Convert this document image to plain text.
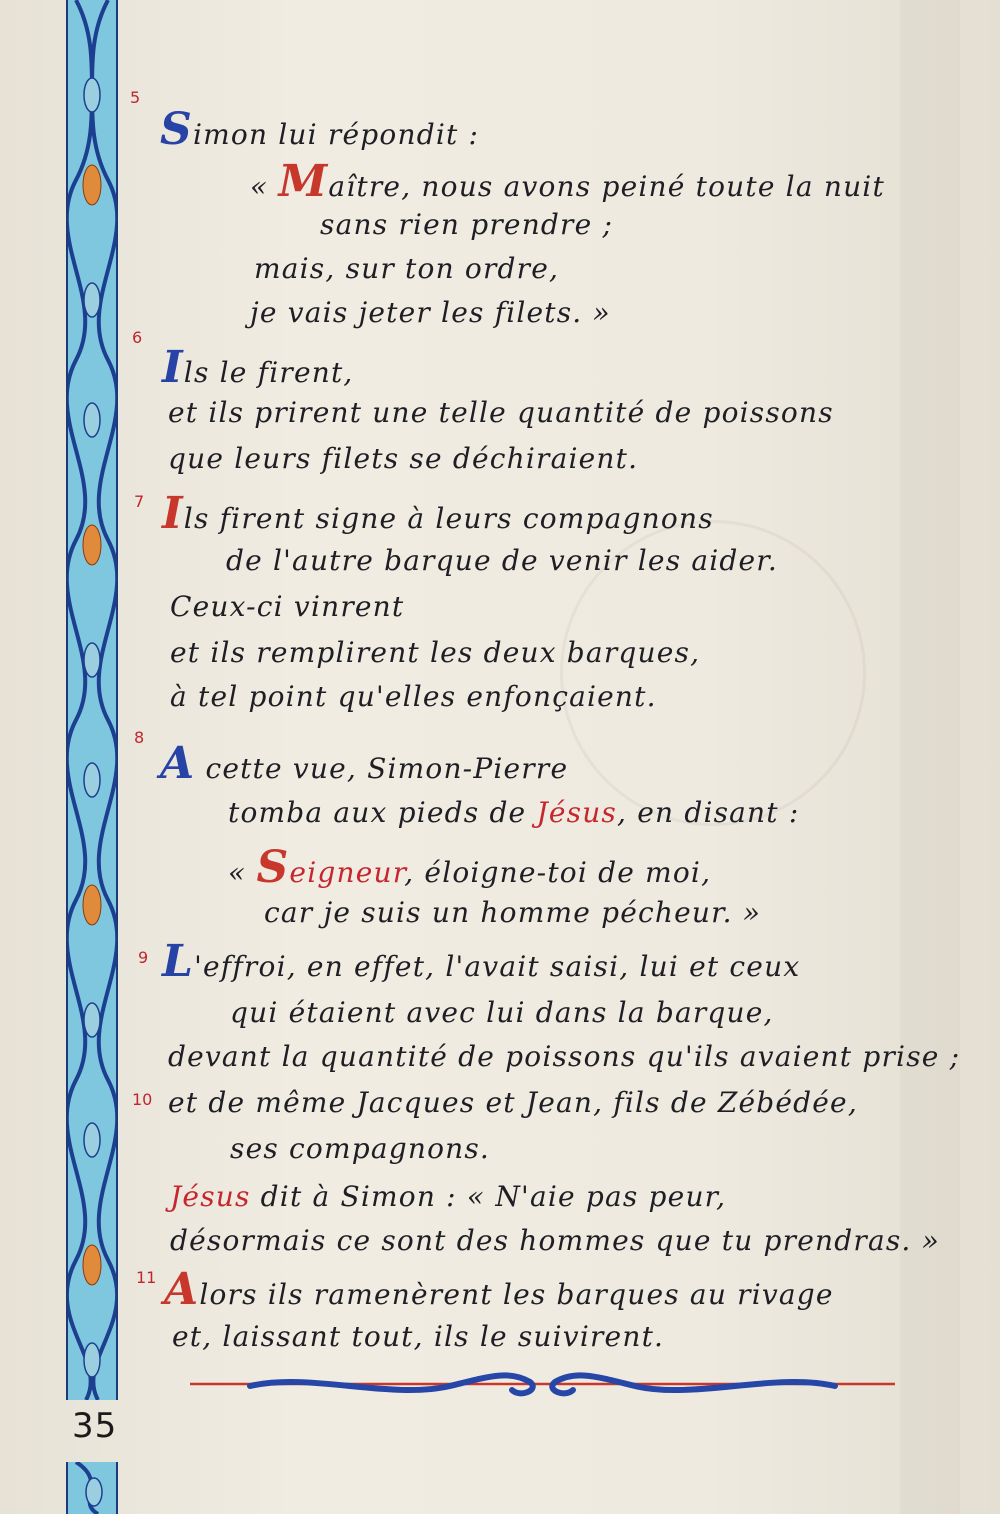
35
5
Simon lui répondit :
« Maître, nous avons peiné toute la nuit
sans rien prendre ;
mais, sur ton ordre,
je vais jeter les filets. »
6
Ils le firent,
et ils prirent une telle quantité de poissons
que leurs filets se déchiraient.
7 Ils firent signe à leurs compagnons
de l'autre barque de venir les aider.
Ceux-ci vinrent
et ils remplirent les deux barques,
à tel point qu'elles enfonçaient.
8
A cette vue, Simon-Pierre
tomba aux pieds de Jésus, en disant :
« Seigneur, éloigne-toi de moi,
car je suis un homme pécheur. »
9 L'effroi, en effet, l'avait saisi, lui et ceux
qui étaient avec lui dans la barque,
devant la quantité de poissons qu'ils avaient prise ;
10 et de même Jacques et Jean, fils de Zébédée,
ses compagnons.
Jésus dit à Simon : « N'aie pas peur,
désormais ce sont des hommes que tu prendras. »
11 Alors ils ramenèrent les barques au rivage
et, laissant tout, ils le suivirent.
